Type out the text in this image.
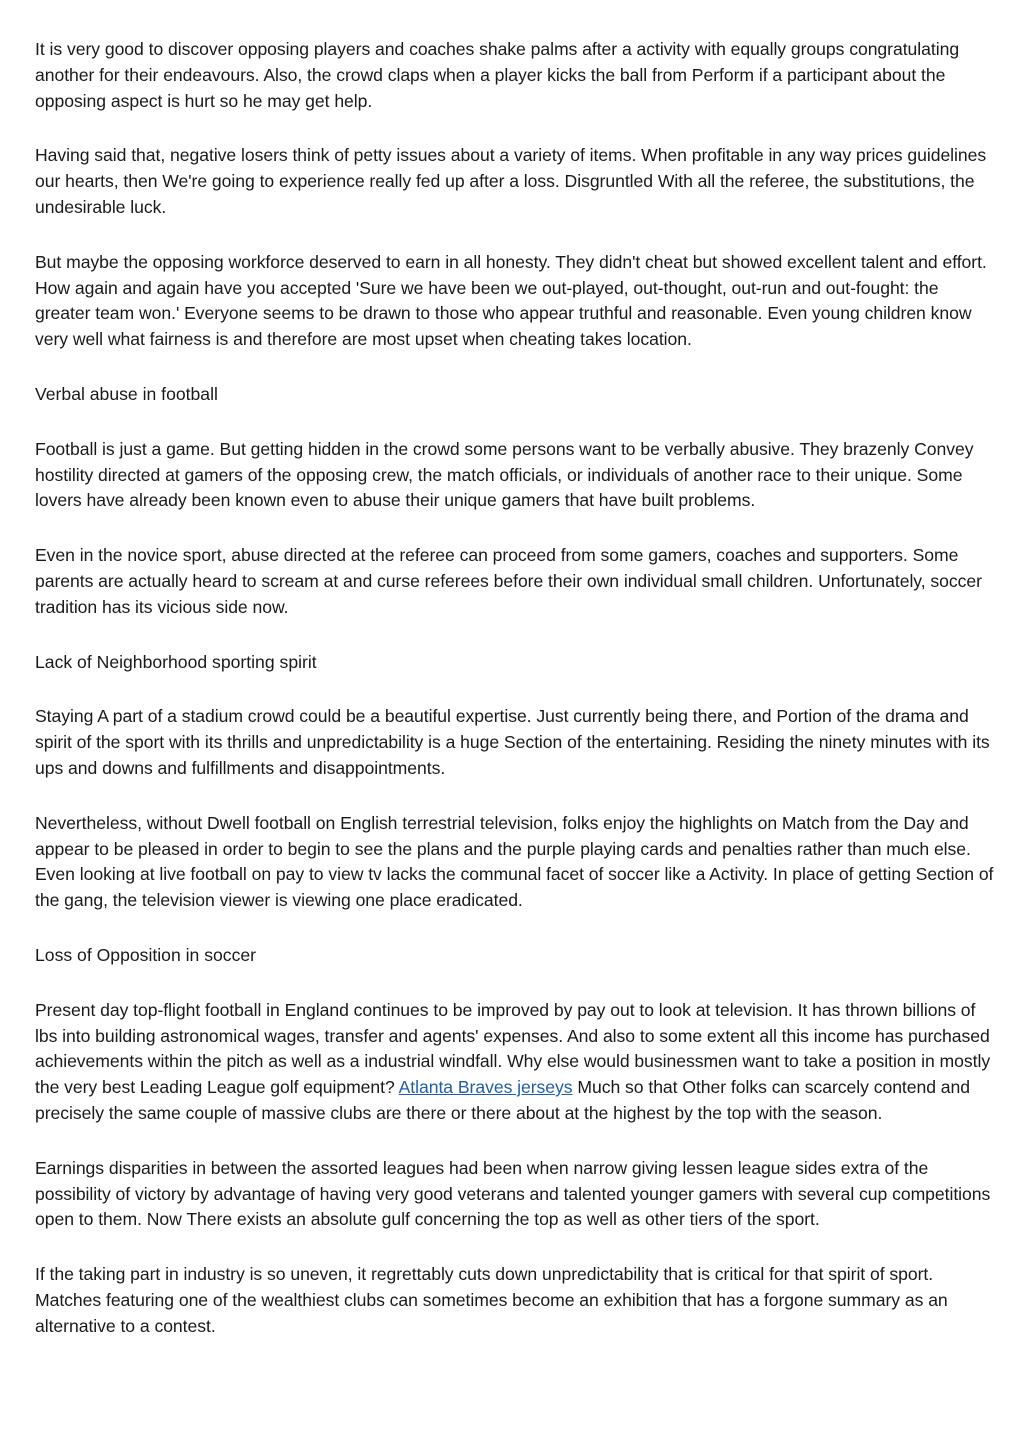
It is very good to discover opposing players and coaches shake palms after a activity with equally groups congratulating another for their endeavours. Also, the crowd claps when a player kicks the ball from Perform if a participant about the opposing aspect is hurt so he may get help.

Having said that, negative losers think of petty issues about a variety of items. When profitable in any way prices guidelines our hearts, then We're going to experience really fed up after a loss. Disgruntled With all the referee, the substitutions, the undesirable luck.

But maybe the opposing workforce deserved to earn in all honesty. They didn't cheat but showed excellent talent and effort. How again and again have you accepted 'Sure we have been we out-played, out-thought, out-run and out-fought: the greater team won.' Everyone seems to be drawn to those who appear truthful and reasonable. Even young children know very well what fairness is and therefore are most upset when cheating takes location.

Verbal abuse in football

Football is just a game. But getting hidden in the crowd some persons want to be verbally abusive. They brazenly Convey hostility directed at gamers of the opposing crew, the match officials, or individuals of another race to their unique. Some lovers have already been known even to abuse their unique gamers that have built problems.

Even in the novice sport, abuse directed at the referee can proceed from some gamers, coaches and supporters. Some parents are actually heard to scream at and curse referees before their own individual small children. Unfortunately, soccer tradition has its vicious side now.

Lack of Neighborhood sporting spirit

Staying A part of a stadium crowd could be a beautiful expertise. Just currently being there, and Portion of the drama and spirit of the sport with its thrills and unpredictability is a huge Section of the entertaining. Residing the ninety minutes with its ups and downs and fulfillments and disappointments.

Nevertheless, without Dwell football on English terrestrial television, folks enjoy the highlights on Match from the Day and appear to be pleased in order to begin to see the plans and the purple playing cards and penalties rather than much else. Even looking at live football on pay to view tv lacks the communal facet of soccer like a Activity. In place of getting Section of the gang, the television viewer is viewing one place eradicated.

Loss of Opposition in soccer

Present day top-flight football in England continues to be improved by pay out to look at television. It has thrown billions of lbs into building astronomical wages, transfer and agents' expenses. And also to some extent all this income has purchased achievements within the pitch as well as a industrial windfall. Why else would businessmen want to take a position in mostly the very best Leading League golf equipment? Atlanta Braves jerseys Much so that Other folks can scarcely contend and precisely the same couple of massive clubs are there or there about at the highest by the top with the season.

Earnings disparities in between the assorted leagues had been when narrow giving lessen league sides extra of the possibility of victory by advantage of having very good veterans and talented younger gamers with several cup competitions open to them. Now There exists an absolute gulf concerning the top as well as other tiers of the sport.

If the taking part in industry is so uneven, it regrettably cuts down unpredictability that is critical for that spirit of sport. Matches featuring one of the wealthiest clubs can sometimes become an exhibition that has a forgone summary as an alternative to a contest.
